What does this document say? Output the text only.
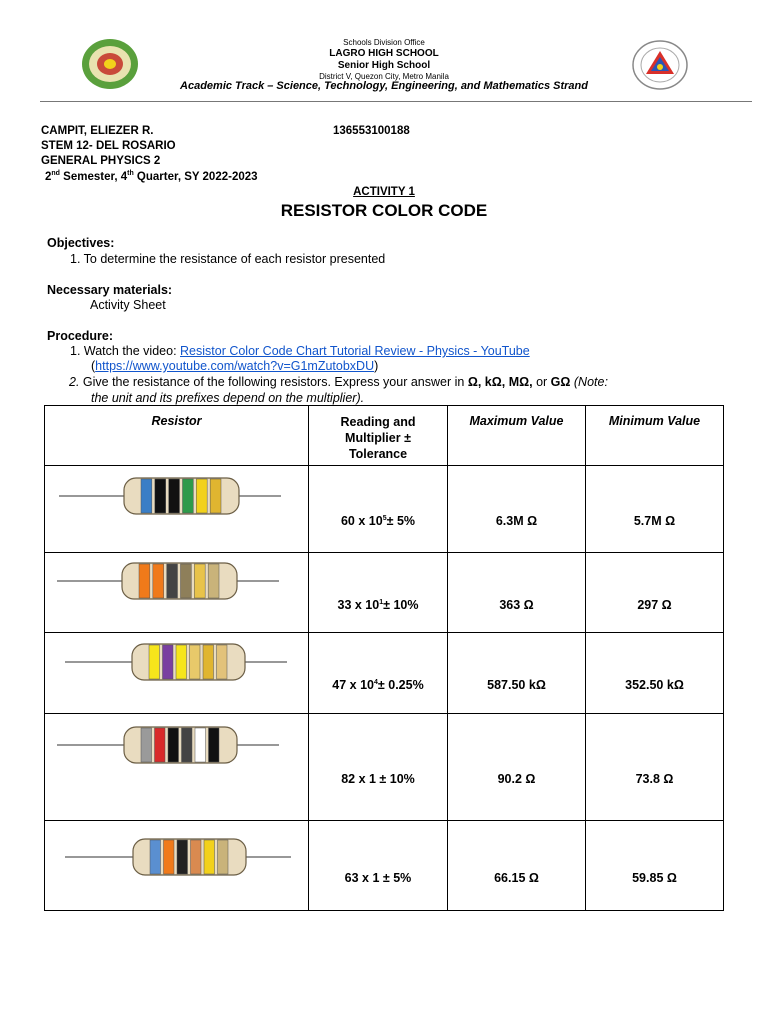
Schools Division Office
LAGRO HIGH SCHOOL
Senior High School
District V, Quezon City, Metro Manila
Academic Track – Science, Technology, Engineering, and Mathematics Strand
CAMPIT, ELIEZER R.	136553100188
STEM 12- DEL ROSARIO
GENERAL PHYSICS 2
2nd Semester, 4th Quarter, SY 2022-2023
ACTIVITY 1
RESISTOR COLOR CODE
Objectives:
1. To determine the resistance of each resistor presented
Necessary materials:
Activity Sheet
Procedure:
1. Watch the video: Resistor Color Code Chart Tutorial Review - Physics - YouTube
(https://www.youtube.com/watch?v=G1mZutobxDU)
2. Give the resistance of the following resistors. Express your answer in Ω, kΩ, MΩ, or GΩ (Note:
the unit and its prefixes depend on the multiplier).
Resistor	Reading and Multiplier ± Tolerance	Maximum Value	Minimum Value
	60 x $10^5\pm 5\%$	6.3M Ω	5.7M Ω
	33 x $10^1\pm 10\%$	363 Ω	297 Ω
	47 x $10^4\pm 0.25\%$	587.50 kΩ	352.50 kΩ
	82 x 1 ± 10%	90.2 Ω	73.8 Ω
	63 x 1 ± 5%	66.15 Ω	59.85 Ω
